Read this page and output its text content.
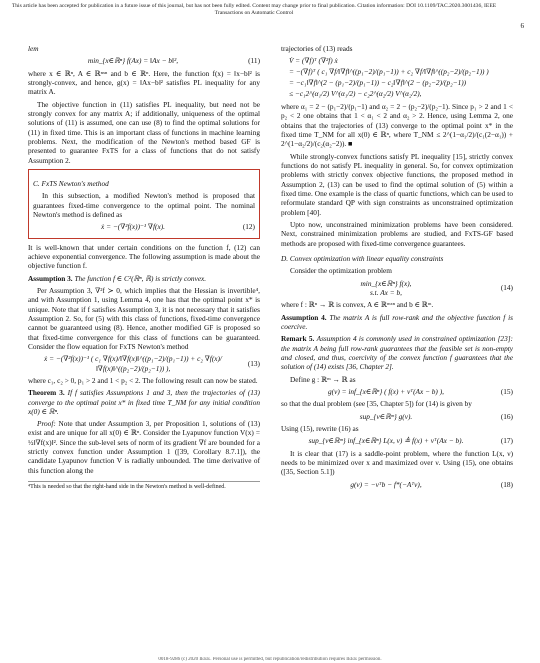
This article has been accepted for publication in a future issue of this journal, but has not been fully edited. Content may change prior to final publication. Citation information: DOI 10.1109/TAC.2020.3001436, IEEE Transactions on Automatic Control
6

lem

min_{x∈ℝⁿ} f(Ax) = ‖Ax − b‖²,	(11)

where x ∈ ℝⁿ, A ∈ ℝⁿˣⁿ and b ∈ ℝⁿ. Here, the function f(x) = ‖x−b‖² is strongly-convex, and hence, g(x) = ‖Ax−b‖² satisfies PL inequality for any matrix A.

The objective function in (11) satisfies PL inequality, but need not be strongly convex for any matrix A; if additionally, uniqueness of the optimal solutions of (11) is assumed, one can use (8) to find the optimal solutions for (11) in fixed time. This is an important class of functions in machine learning problems. Next, the modification of the Newton's method based GF is presented to guarantee FxTS for a class of functions that do not satisfy Assumption 2.

C. FxTS Newton's method

In this subsection, a modified Newton's method is proposed that guarantees fixed-time convergence to the optimal point. The nominal Newton's method is defined as

ẋ = −(∇²f(x))⁻¹ ∇f(x).	(12)

It is well-known that under certain conditions on the function f, (12) can achieve exponential convergence. The following assumption is made about the objective function f.

Assumption 3. The function f ∈ C²(ℝⁿ, ℝ) is strictly convex.

Per Assumption 3, ∇²f ≻ 0, which implies that the Hessian is invertible⁴, and with Assumption 1, using Lemma 4, one has that the optimal point x* is unique. Note that if f satisfies Assumption 3, it is not necessary that it satisfies Assumption 2. So, for (5) with this class of functions, fixed-time convergence cannot be guaranteed using (8). Hence, another modified GF is proposed so that fixed-time convergence for this class of functions can be guaranteed. Consider the flow equation for FxTS Newton's method

ẋ = −(∇²f(x))⁻¹ ( c₁ ∇f(x)/‖∇f(x)‖^((p₁−2)/(p₁−1)) + c₂ ∇f(x)/‖∇f(x)‖^((p₂−2)/(p₂−1)) ),
(13)

where c₁, c₂ > 0, p₁ > 2 and 1 < p₂ < 2. The following result can now be stated.

Theorem 3. If f satisfies Assumptions 1 and 3, then the trajectories of (13) converge to the optimal point x* in fixed time T_NM for any initial condition x(0) ∈ ℝⁿ.

Proof: Note that under Assumption 3, per Proposition 1, solutions of (13) exist and are unique for all x(0) ∈ ℝⁿ. Consider the Lyapunov function V(x) = ½‖∇f(x)‖². Since the sub-level sets of norm of its gradient ∇f are bounded for a strictly convex function under Assumption 1 ([39, Corollary 8.7.1]), the candidate Lyapunov function V is radially unbounded. The time derivative of this function along the

⁴This is needed so that the right-hand side in the Newton's method is well-defined.

trajectories of (13) reads

V̇ = (∇f)ᵀ (∇²f) ẋ
= −(∇f)ᵀ ( c₁ ∇f/‖∇f‖^((p₁−2)/(p₁−1)) + c₂ ∇f/‖∇f‖^((p₂−2)/(p₂−1)) )
= −c₁‖∇f‖^(2 − (p₁−2)/(p₁−1)) − c₂‖∇f‖^(2 − (p₂−2)/(p₂−1))
≤ −c₁2^(α₁/2) V^(α₁/2) − c₂2^(α₂/2) V^(α₂/2),

where α₁ = 2 − (p₁−2)/(p₁−1) and α₂ = 2 − (p₂−2)/(p₂−1). Since p₁ > 2 and 1 < p₂ < 2 one obtains that 1 < α₁ < 2 and α₂ > 2. Hence, using Lemma 2, one obtains that the trajectories of (13) converge to the optimal point x* in the fixed time T_NM for all x(0) ∈ ℝⁿ, where T_NM ≤ 2^(1−α₁/2)/(c₁(2−α₁)) + 2^(1−α₂/2)/(c₂(α₂−2)). ■

While strongly-convex functions satisfy PL inequality [15], strictly convex functions do not satisfy PL inequality in general. So, for convex optimization problems with strictly convex objective functions, the proposed method in Assumption 2, (13) can be used to find the optimal solution of (5) within a fixed time. One example is the class of quartic functions, which can be used to reformulate standard QP with sign constraints as unconstrained optimization problem [40].

Upto now, unconstrained minimization problems have been considered. Next, constrained minimization problems are studied, and FxTS-GF based methods are proposed with fixed-time convergence guarantees.

D. Convex optimization with linear equality constraints

Consider the optimization problem

min_{x∈ℝⁿ} f(x),
s.t. Ax = b,
(14)

where f : ℝⁿ → ℝ is convex, A ∈ ℝᵐˣⁿ and b ∈ ℝᵐ.

Assumption 4. The matrix A is full row-rank and the objective function f is coercive.

Remark 5. Assumption 4 is commonly used in constrained optimization [23]: the matrix A being full row-rank guarantees that the feasible set is non-empty and closed, and thus, coercivity of the convex function f guarantees that the solution of (14) exists [36, Chapter 2].

Define g : ℝᵐ → ℝ as

g(ν) = inf_{x∈ℝⁿ} ( f(x) + νᵀ(Ax − b) ),	(15)

so that the dual problem (see [35, Chapter 5]) for (14) is given by

sup_{ν∈ℝᵐ} g(ν).	(16)

Using (15), rewrite (16) as

sup_{ν∈ℝᵐ} inf_{x∈ℝⁿ} L(x, ν) ≜ f(x) + νᵀ(Ax − b).	(17)

It is clear that (17) is a saddle-point problem, where the function L(x, ν) needs to be minimized over x and maximized over ν. Using (15), one obtains ([35, Section 5.1])

g(ν) = −νᵀb − f*(−Aᵀν),	(18)
0018-9286 (c) 2020 IEEE. Personal use is permitted, but republication/redistribution requires IEEE permission.
